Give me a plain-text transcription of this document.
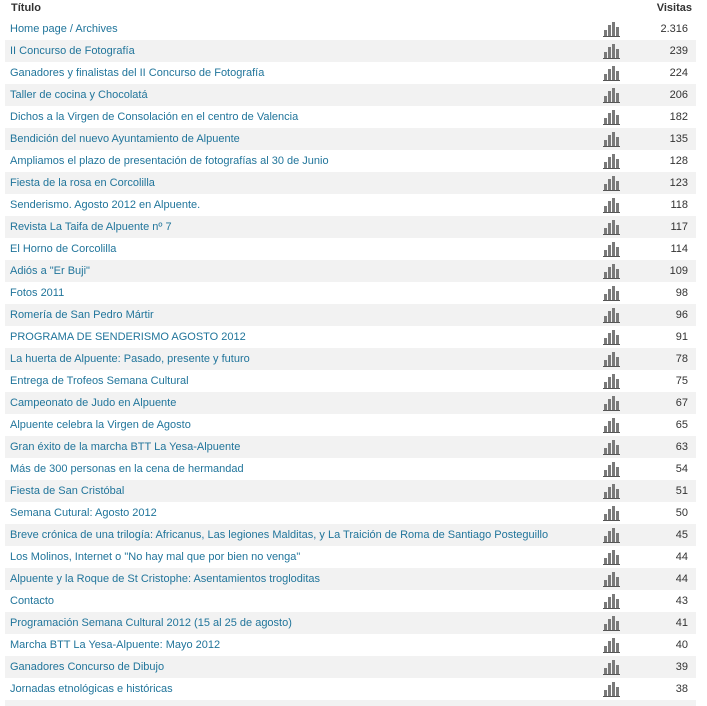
Título	Visitas
Home page / Archives	2.316
II Concurso de Fotografía	239
Ganadores y finalistas del II Concurso de Fotografía	224
Taller de cocina y Chocolatá	206
Dichos a la Virgen de Consolación en el centro de Valencia	182
Bendición del nuevo Ayuntamiento de Alpuente	135
Ampliamos el plazo de presentación de fotografías al 30 de Junio	128
Fiesta de la rosa en Corcolilla	123
Senderismo. Agosto 2012 en Alpuente.	118
Revista La Taifa de Alpuente nº 7	117
El Horno de Corcolilla	114
Adiós a "Er Buji"	109
Fotos 2011	98
Romería de San Pedro Mártir	96
PROGRAMA DE SENDERISMO AGOSTO 2012	91
La huerta de Alpuente: Pasado, presente y futuro	78
Entrega de Trofeos Semana Cultural	75
Campeonato de Judo en Alpuente	67
Alpuente celebra la Virgen de Agosto	65
Gran éxito de la marcha BTT La Yesa-Alpuente	63
Más de 300 personas en la cena de hermandad	54
Fiesta de San Cristóbal	51
Semana Cutural: Agosto 2012	50
Breve crónica de una trilogía: Africanus, Las legiones Malditas, y La Traición de Roma de Santiago Posteguillo	45
Los Molinos, Internet o "No hay mal que por bien no venga"	44
Alpuente y la Roque de St Cristophe: Asentamientos trogloditas	44
Contacto	43
Programación Semana Cultural 2012 (15 al 25 de agosto)	41
Marcha BTT La Yesa-Alpuente: Mayo 2012	40
Ganadores Concurso de Dibujo	39
Jornadas etnológicas e históricas	38
